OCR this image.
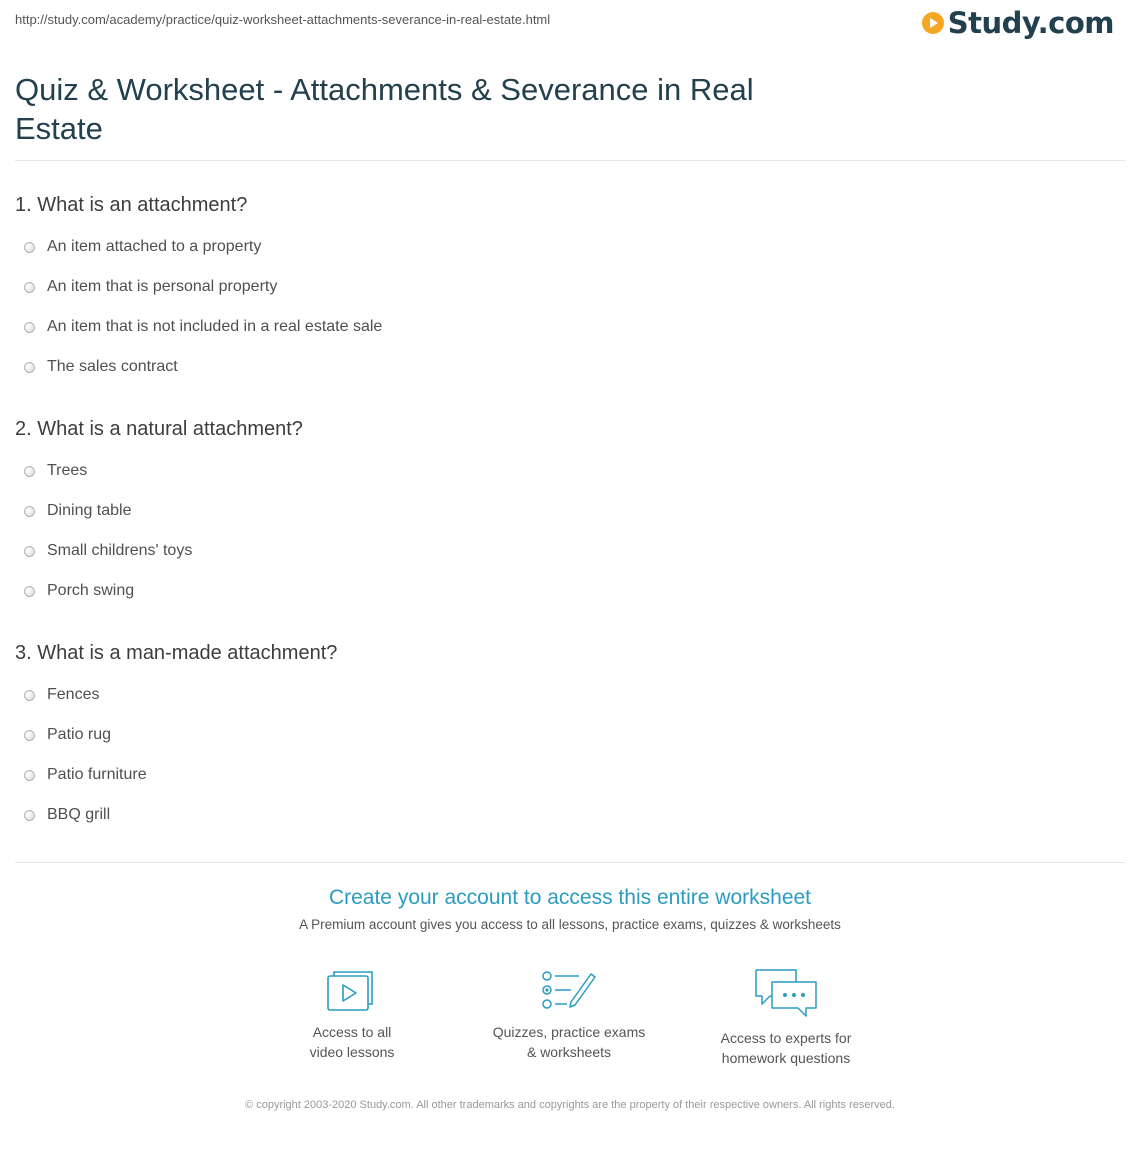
http://study.com/academy/practice/quiz-worksheet-attachments-severance-in-real-estate.html	Study.com
Quiz & Worksheet - Attachments & Severance in Real Estate
1. What is an attachment?
An item attached to a property
An item that is personal property
An item that is not included in a real estate sale
The sales contract
2. What is a natural attachment?
Trees
Dining table
Small childrens' toys
Porch swing
3. What is a man-made attachment?
Fences
Patio rug
Patio furniture
BBQ grill
Create your account to access this entire worksheet
A Premium account gives you access to all lessons, practice exams, quizzes & worksheets
Access to all
video lessons
Quizzes, practice exams
& worksheets
Access to experts for
homework questions
© copyright 2003-2020 Study.com. All other trademarks and copyrights are the property of their respective owners. All rights reserved.
